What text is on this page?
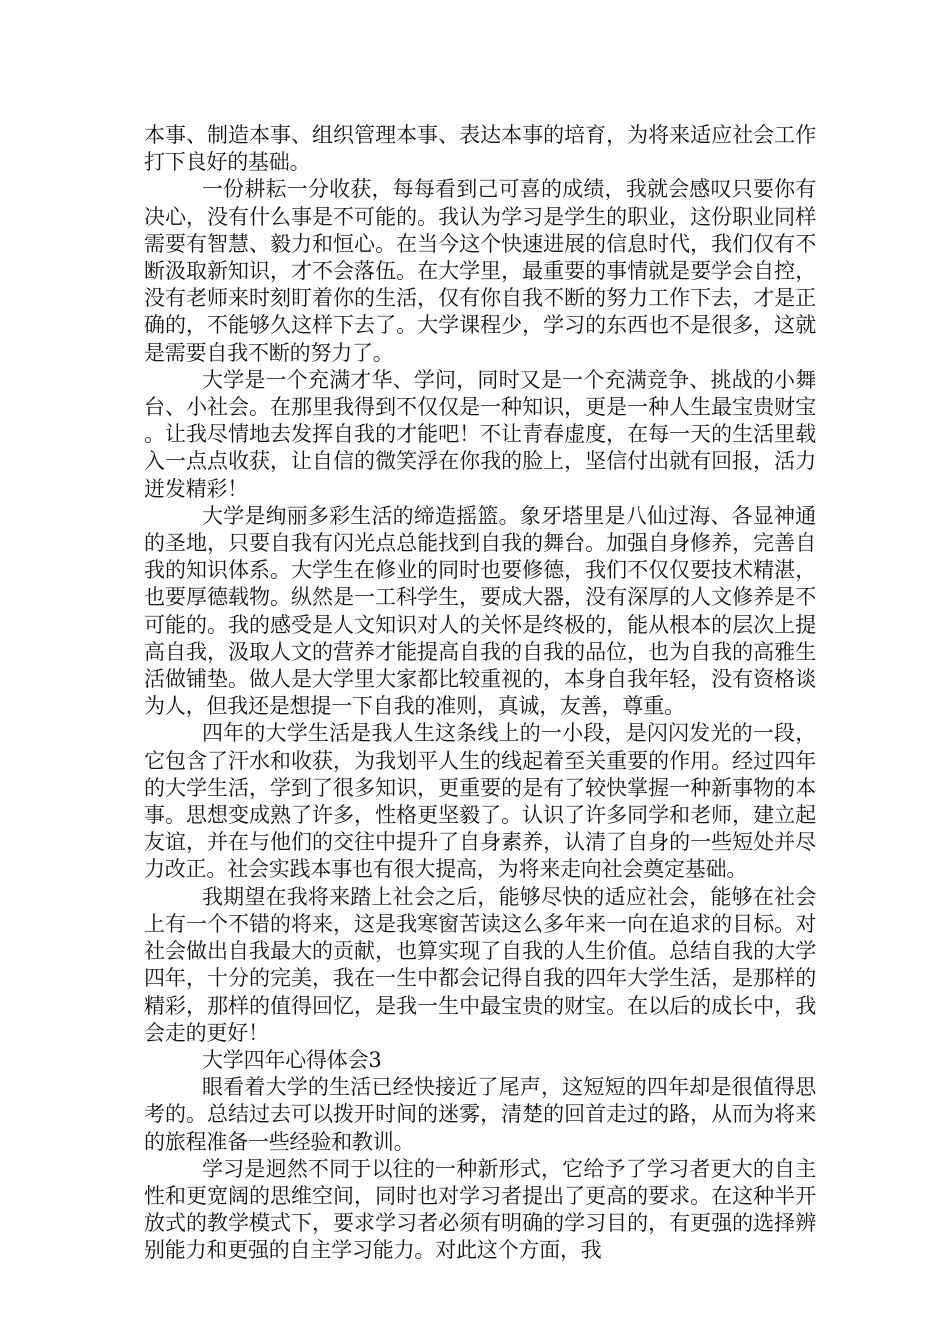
本事、制造本事、组织管理本事、表达本事的培育，为将来适应社会工作打下良好的基础。

一份耕耘一分收获，每每看到己可喜的成绩，我就会感叹只要你有决心，没有什么事是不可能的。我认为学习是学生的职业，这份职业同样需要有智慧、毅力和恒心。在当今这个快速进展的信息时代，我们仅有不断汲取新知识，才不会落伍。在大学里，最重要的事情就是要学会自控，没有老师来时刻盯着你的生活，仅有你自我不断的努力工作下去，才是正确的，不能够久这样下去了。大学课程少，学习的东西也不是很多，这就是需要自我不断的努力了。

大学是一个充满才华、学问，同时又是一个充满竞争、挑战的小舞台、小社会。在那里我得到不仅仅是一种知识，更是一种人生最宝贵财宝。让我尽情地去发挥自我的才能吧！不让青春虚度，在每一天的生活里载入一点点收获，让自信的微笑浮在你我的脸上，坚信付出就有回报，活力迸发精彩！

大学是绚丽多彩生活的缔造摇篮。象牙塔里是八仙过海、各显神通的圣地，只要自我有闪光点总能找到自我的舞台。加强自身修养，完善自我的知识体系。大学生在修业的同时也要修德，我们不仅仅要技术精湛，也要厚德载物。纵然是一工科学生，要成大器，没有深厚的人文修养是不可能的。我的感受是人文知识对人的关怀是终极的，能从根本的层次上提高自我，汲取人文的营养才能提高自我的自我的品位，也为自我的高雅生活做铺垫。做人是大学里大家都比较重视的，本身自我年轻，没有资格谈为人，但我还是想提一下自我的准则，真诚，友善，尊重。

四年的大学生活是我人生这条线上的一小段，是闪闪发光的一段，它包含了汗水和收获，为我划平人生的线起着至关重要的作用。经过四年的大学生活，学到了很多知识，更重要的是有了较快掌握一种新事物的本事。思想变成熟了许多，性格更坚毅了。认识了许多同学和老师，建立起友谊，并在与他们的交往中提升了自身素养，认清了自身的一些短处并尽力改正。社会实践本事也有很大提高，为将来走向社会奠定基础。

我期望在我将来踏上社会之后，能够尽快的适应社会，能够在社会上有一个不错的将来，这是我寒窗苦读这么多年来一向在追求的目标。对社会做出自我最大的贡献，也算实现了自我的人生价值。总结自我的大学四年，十分的完美，我在一生中都会记得自我的四年大学生活，是那样的精彩，那样的值得回忆，是我一生中最宝贵的财宝。在以后的成长中，我会走的更好！

大学四年心得体会3

眼看着大学的生活已经快接近了尾声，这短短的四年却是很值得思考的。总结过去可以拨开时间的迷雾，清楚的回首走过的路，从而为将来的旅程准备一些经验和教训。

学习是迥然不同于以往的一种新形式，它给予了学习者更大的自主性和更宽阔的思维空间，同时也对学习者提出了更高的要求。在这种半开放式的教学模式下，要求学习者必须有明确的学习目的，有更强的选择辨别能力和更强的自主学习能力。对此这个方面，我
